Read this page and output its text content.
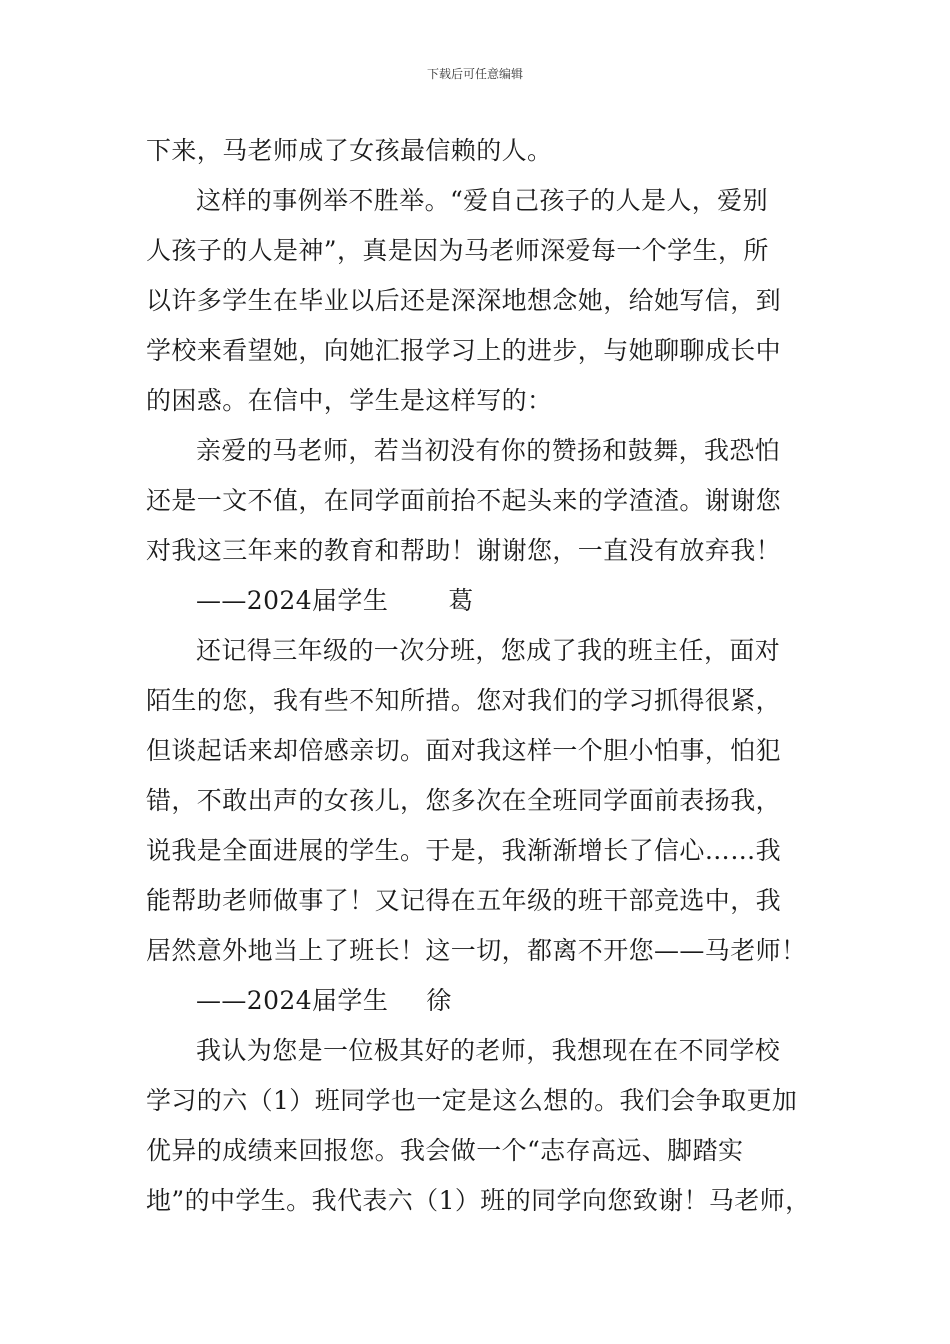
下载后可任意编辑
下来，马老师成了女孩最信赖的人。
这样的事例举不胜举。“爱自己孩子的人是人，爱别
人孩子的人是神”，真是因为马老师深爱每一个学生，所
以许多学生在毕业以后还是深深地想念她，给她写信，到
学校来看望她，向她汇报学习上的进步，与她聊聊成长中
的困惑。在信中，学生是这样写的：
亲爱的马老师，若当初没有你的赞扬和鼓舞，我恐怕
还是一文不值，在同学面前抬不起头来的学渣渣。谢谢您
对我这三年来的教育和帮助！谢谢您，一直没有放弃我！
——2024届学生 葛
还记得三年级的一次分班，您成了我的班主任，面对
陌生的您，我有些不知所措。您对我们的学习抓得很紧，
但谈起话来却倍感亲切。面对我这样一个胆小怕事，怕犯
错，不敢出声的女孩儿，您多次在全班同学面前表扬我，
说我是全面进展的学生。于是，我渐渐增长了信心……我
能帮助老师做事了！又记得在五年级的班干部竞选中，我
居然意外地当上了班长！这一切，都离不开您——马老师！
——2024届学生 徐
我认为您是一位极其好的老师，我想现在在不同学校
学习的六（1）班同学也一定是这么想的。我们会争取更加
优异的成绩来回报您。我会做一个“志存高远、脚踏实
地”的中学生。我代表六（1）班的同学向您致谢！马老师，
